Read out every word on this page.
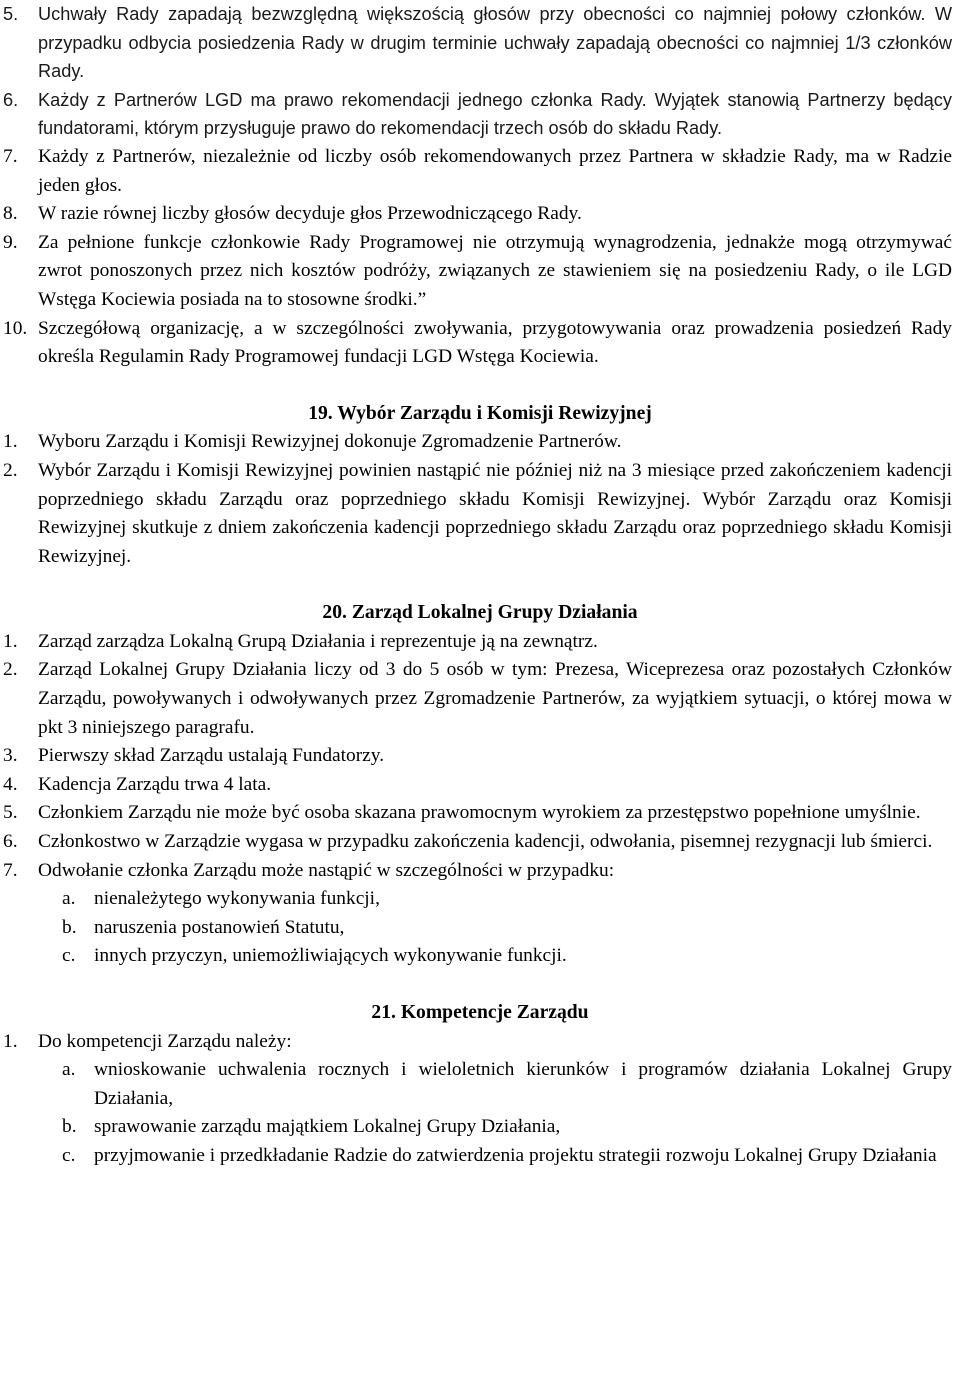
5. Uchwały Rady zapadają bezwzględną większością głosów przy obecności co najmniej połowy członków. W przypadku odbycia posiedzenia Rady w drugim terminie uchwały zapadają obecności co najmniej 1/3 członków Rady.
6. Każdy z Partnerów LGD ma prawo rekomendacji jednego członka Rady. Wyjątek stanowią Partnerzy będący fundatorami, którym przysługuje prawo do rekomendacji trzech osób do składu Rady.
7. Każdy z Partnerów, niezależnie od liczby osób rekomendowanych przez Partnera w składzie Rady, ma w Radzie jeden głos.
8. W razie równej liczby głosów decyduje głos Przewodniczącego Rady.
9. Za pełnione funkcje członkowie Rady Programowej nie otrzymują wynagrodzenia, jednakże mogą otrzymywać zwrot ponoszonych przez nich kosztów podróży, związanych ze stawieniem się na posiedzeniu Rady, o ile LGD Wstęga Kociewia posiada na to stosowne środki.”
10. Szczegółową organizację, a w szczególności zwoływania, przygotowywania oraz prowadzenia posiedzeń Rady określa Regulamin Rady Programowej fundacji LGD Wstęga Kociewia.
19. Wybór Zarządu i Komisji Rewizyjnej
1. Wyboru Zarządu i Komisji Rewizyjnej dokonuje Zgromadzenie Partnerów.
2. Wybór Zarządu i Komisji Rewizyjnej powinien nastąpić nie później niż na 3 miesiące przed zakończeniem kadencji poprzedniego składu Zarządu oraz poprzedniego składu Komisji Rewizyjnej. Wybór Zarządu oraz Komisji Rewizyjnej skutkuje z dniem zakończenia kadencji poprzedniego składu Zarządu oraz poprzedniego składu Komisji Rewizyjnej.
20. Zarząd Lokalnej Grupy Działania
1. Zarząd zarządza Lokalną Grupą Działania i reprezentuje ją na zewnątrz.
2. Zarząd Lokalnej Grupy Działania liczy od 3 do 5 osób w tym: Prezesa, Wiceprezesa oraz pozostałych Członków Zarządu, powoływanych i odwoływanych przez Zgromadzenie Partnerów, za wyjątkiem sytuacji, o której mowa w pkt 3 niniejszego paragrafu.
3. Pierwszy skład Zarządu ustalają Fundatorzy.
4. Kadencja Zarządu trwa 4 lata.
5. Członkiem Zarządu nie może być osoba skazana prawomocnym wyrokiem za przestępstwo popełnione umyślnie.
6. Członkostwo w Zarządzie wygasa w przypadku zakończenia kadencji, odwołania, pisemnej rezygnacji lub śmierci.
7. Odwołanie członka Zarządu może nastąpić w szczególności w przypadku:
a. nienależytego wykonywania funkcji,
b. naruszenia postanowień Statutu,
c. innych przyczyn, uniemożliwiających wykonywanie funkcji.
21. Kompetencje Zarządu
1. Do kompetencji Zarządu należy:
a. wnioskowanie uchwalenia rocznych i wieloletnich kierunków i programów działania Lokalnej Grupy Działania,
b. sprawowanie zarządu majątkiem Lokalnej Grupy Działania,
c. przyjmowanie i przedkładanie Radzie do zatwierdzenia projektu strategii rozwoju Lokalnej Grupy Działania
